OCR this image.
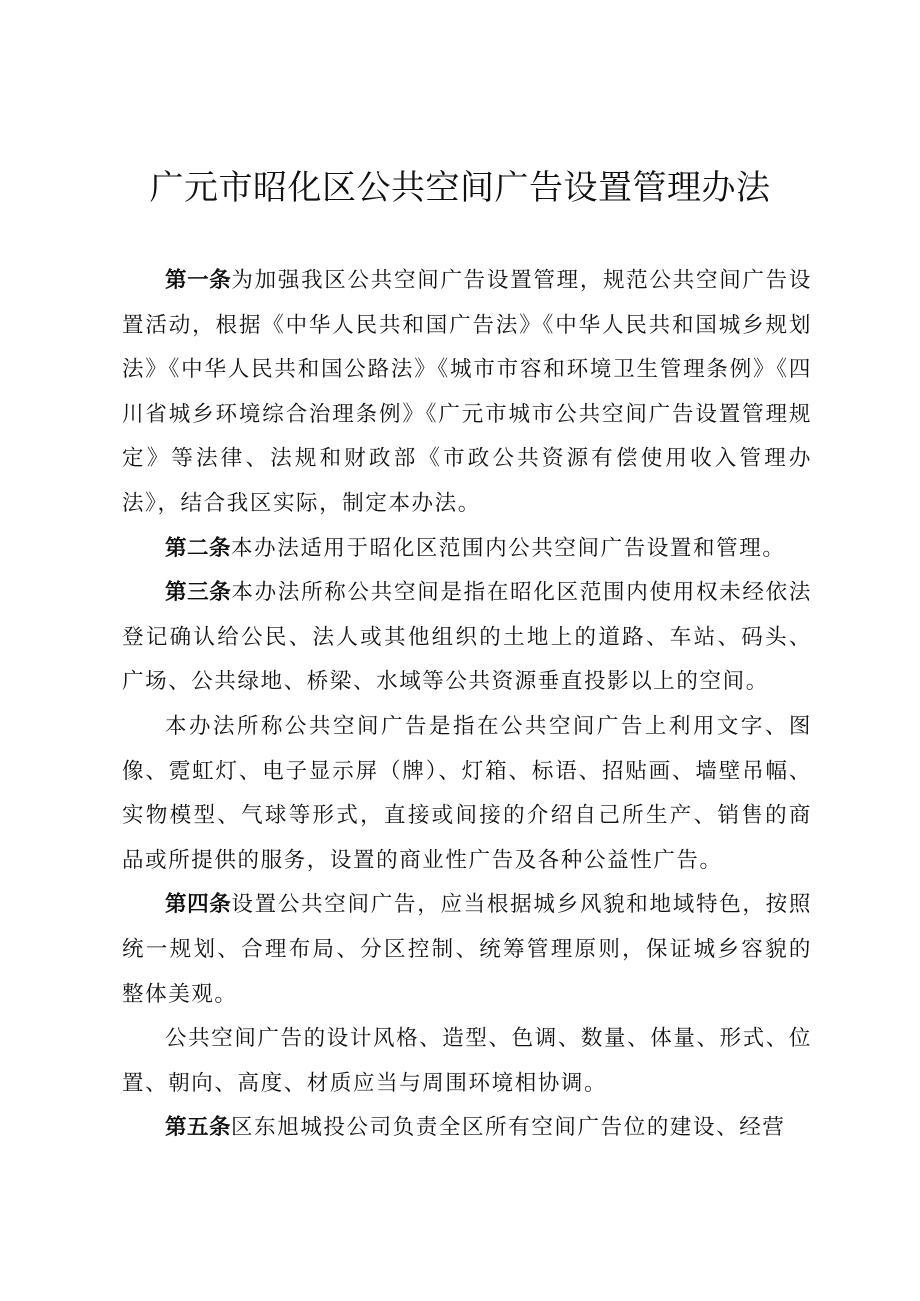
广元市昭化区公共空间广告设置管理办法

第一条为加强我区公共空间广告设置管理，规范公共空间广告设置活动，根据《中华人民共和国广告法》《中华人民共和国城乡规划法》《中华人民共和国公路法》《城市市容和环境卫生管理条例》《四川省城乡环境综合治理条例》《广元市城市公共空间广告设置管理规定》等法律、法规和财政部《市政公共资源有偿使用收入管理办法》，结合我区实际，制定本办法。

第二条本办法适用于昭化区范围内公共空间广告设置和管理。

第三条本办法所称公共空间是指在昭化区范围内使用权未经依法登记确认给公民、法人或其他组织的土地上的道路、车站、码头、广场、公共绿地、桥梁、水域等公共资源垂直投影以上的空间。

本办法所称公共空间广告是指在公共空间广告上利用文字、图像、霓虹灯、电子显示屏（牌）、灯箱、标语、招贴画、墙壁吊幅、实物模型、气球等形式，直接或间接的介绍自己所生产、销售的商品或所提供的服务，设置的商业性广告及各种公益性广告。

第四条设置公共空间广告，应当根据城乡风貌和地域特色，按照统一规划、合理布局、分区控制、统筹管理原则，保证城乡容貌的整体美观。

公共空间广告的设计风格、造型、色调、数量、体量、形式、位置、朝向、高度、材质应当与周围环境相协调。

第五条区东旭城投公司负责全区所有空间广告位的建设、经营
